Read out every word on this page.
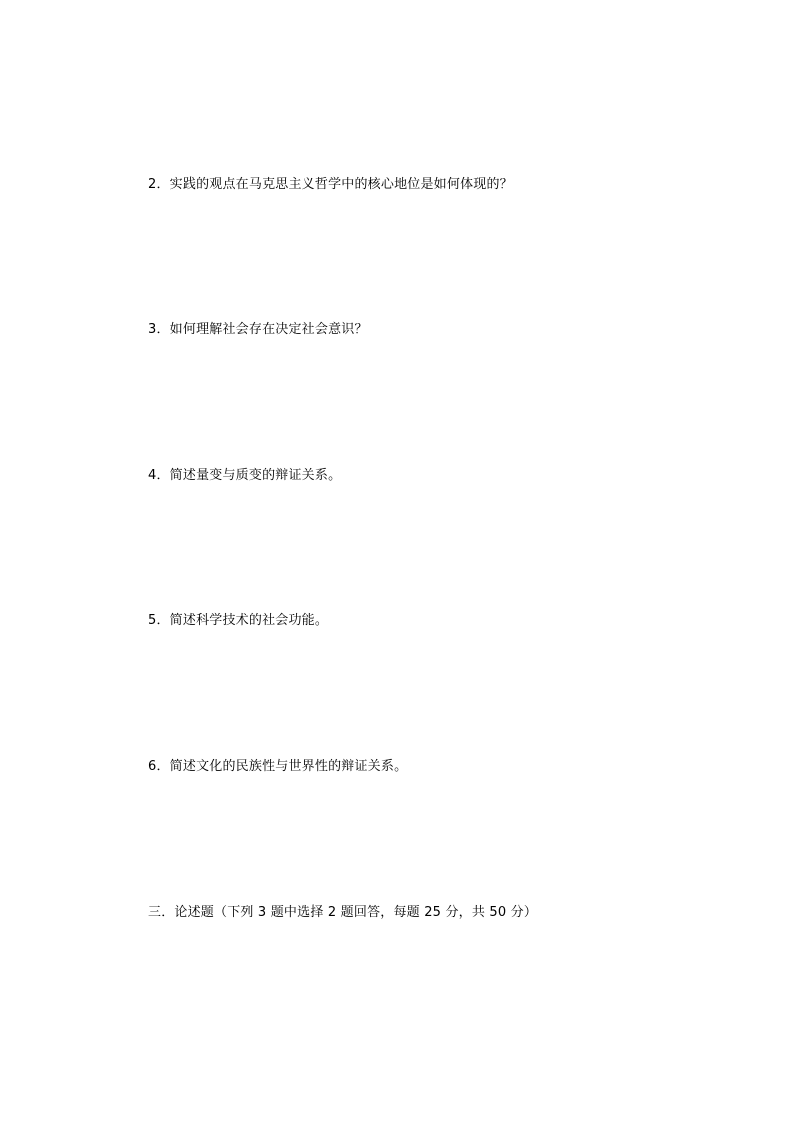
2．实践的观点在马克思主义哲学中的核心地位是如何体现的？
3．如何理解社会存在决定社会意识？
4．简述量变与质变的辩证关系。
5．简述科学技术的社会功能。
6．简述文化的民族性与世界性的辩证关系。
三．论述题（下列 3 题中选择 2 题回答，每题 25 分，共 50 分）
